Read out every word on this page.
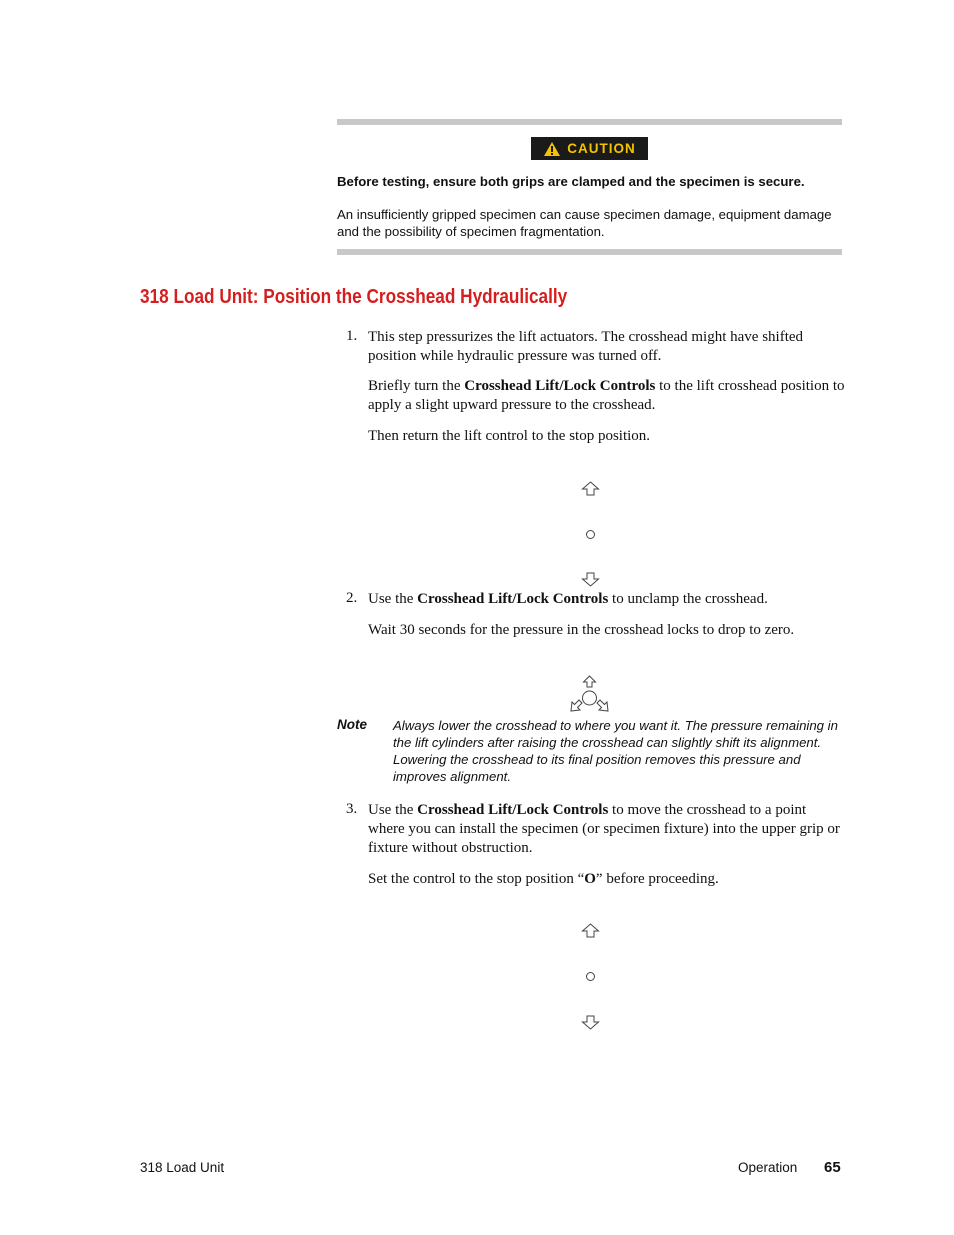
CAUTION
Before testing, ensure both grips are clamped and the specimen is secure.
An insufficiently gripped specimen can cause specimen damage, equipment damage and the possibility of specimen fragmentation.
318 Load Unit: Position the Crosshead Hydraulically
1. This step pressurizes the lift actuators. The crosshead might have shifted position while hydraulic pressure was turned off.
Briefly turn the Crosshead Lift/Lock Controls to the lift crosshead position to apply a slight upward pressure to the crosshead.
Then return the lift control to the stop position.
2. Use the Crosshead Lift/Lock Controls to unclamp the crosshead.
Wait 30 seconds for the pressure in the crosshead locks to drop to zero.
Note Always lower the crosshead to where you want it. The pressure remaining in the lift cylinders after raising the crosshead can slightly shift its alignment. Lowering the crosshead to its final position removes this pressure and improves alignment.
3. Use the Crosshead Lift/Lock Controls to move the crosshead to a point where you can install the specimen (or specimen fixture) into the upper grip or fixture without obstruction.
Set the control to the stop position “O” before proceeding.
318 Load Unit	Operation 65
